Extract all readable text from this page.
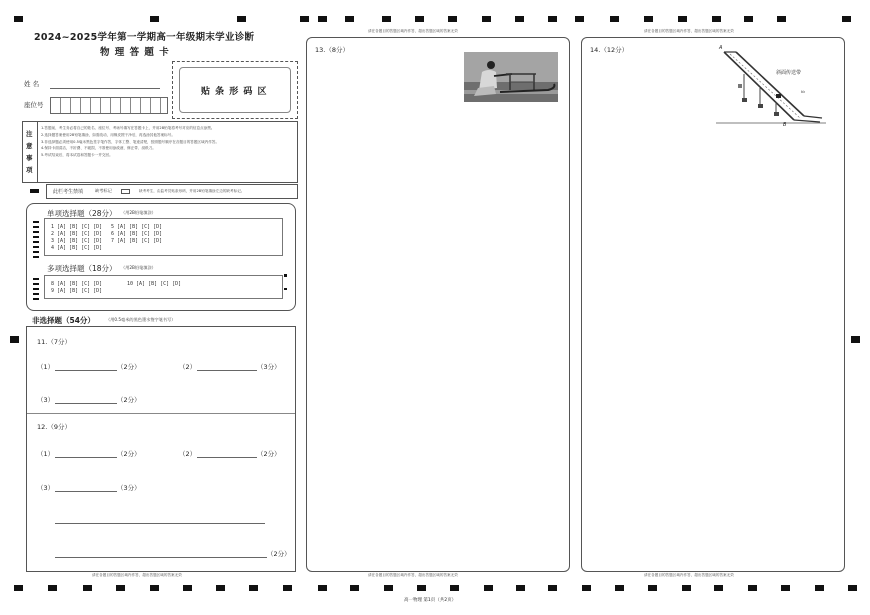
2024~2025学年第一学期高一年级期末学业诊断
物 理 答 题 卡
姓 名
座位号
贴 条 形 码 区
注意事项
1.答题前，考生务必将自己的姓名、座位号、考场号填写在答题卡上，并用2B铅笔将考号对应的信息点涂黑。
2.选择题答案使用2B铅笔填涂，如需改动，用橡皮擦干净后，再选涂其他答案标号。
3.非选择题必须使用0.5毫米黑色签字笔作答，字体工整、笔迹清楚，按照题号顺序在各题目的答题区域内作答。
4.保持卡面清洁，不折叠、不破损，不准使用涂改液、修正带、刮纸刀。
5.考试结束后，将本试卷和答题卡一并交回。
此栏考生禁填	缺考标记	缺考考生，由监考员贴条形码，并用2B铅笔填涂左边的缺考标记。
单项选择题（28分） （用2B铅笔填涂）
1 [A] [B] [C] [D]
2 [A] [B] [C] [D]
3 [A] [B] [C] [D]
4 [A] [B] [C] [D]
5 [A] [B] [C] [D]
6 [A] [B] [C] [D]
7 [A] [B] [C] [D]
多项选择题（18分） （用2B铅笔填涂）
8 [A] [B] [C] [D]
9 [A] [B] [C] [D]
10 [A] [B] [C] [D]
非选择题（54分）	（用0.5毫米的黑色墨水签字笔书写）
11.（7分）
（1）	（2分）	（2）	（3分）
（3）	（2分）
12.（9分）
（1）	（2分）	（2）	（2分）
（3）	（3分）
（2分）
请在各题目的答题区域内作答，超出答题区域的答案无效
请在各题目的答题区域内作答，超出答题区域的答案无效
13.（8分）
请在各题目的答题区域内作答，超出答题区域的答案无效
请在各题目的答题区域内作答，超出答题区域的答案无效
14.（12分）	A
B
v₀
斜面传送带
请在各题目的答题区域内作答，超出答题区域的答案无效
高一物理 第1页（共2页）
